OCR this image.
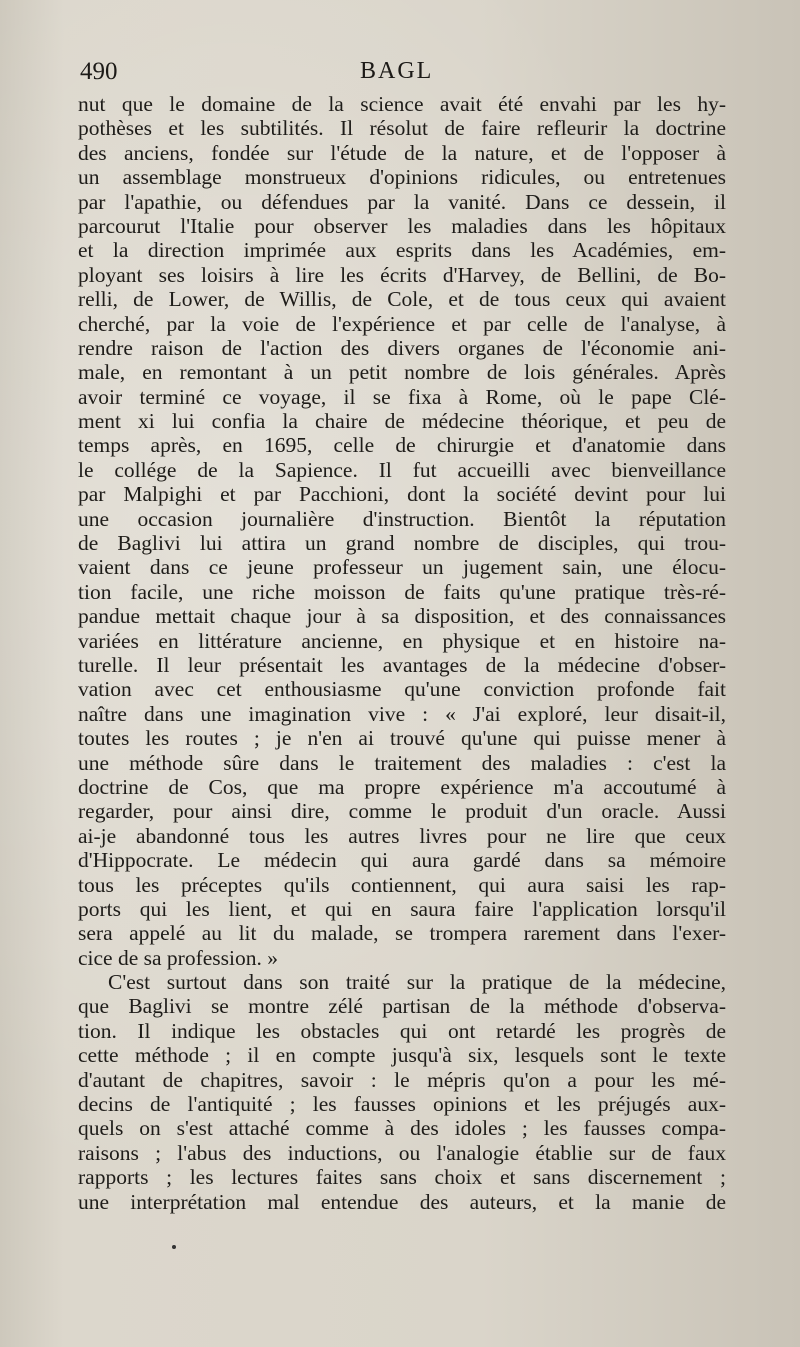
490	BAGL
nut que le domaine de la science avait été envahi par les hy-
pothèses et les subtilités. Il résolut de faire refleurir la doctrine
des anciens, fondée sur l'étude de la nature, et de l'opposer à
un assemblage monstrueux d'opinions ridicules, ou entretenues
par l'apathie, ou défendues par la vanité. Dans ce dessein, il
parcourut l'Italie pour observer les maladies dans les hôpitaux
et la direction imprimée aux esprits dans les Académies, em-
ployant ses loisirs à lire les écrits d'Harvey, de Bellini, de Bo-
relli, de Lower, de Willis, de Cole, et de tous ceux qui avaient
cherché, par la voie de l'expérience et par celle de l'analyse, à
rendre raison de l'action des divers organes de l'économie ani-
male, en remontant à un petit nombre de lois générales. Après
avoir terminé ce voyage, il se fixa à Rome, où le pape Clé-
ment xi lui confia la chaire de médecine théorique, et peu de
temps après, en 1695, celle de chirurgie et d'anatomie dans
le collége de la Sapience. Il fut accueilli avec bienveillance
par Malpighi et par Pacchioni, dont la société devint pour lui
une occasion journalière d'instruction. Bientôt la réputation
de Baglivi lui attira un grand nombre de disciples, qui trou-
vaient dans ce jeune professeur un jugement sain, une élocu-
tion facile, une riche moisson de faits qu'une pratique très-ré-
pandue mettait chaque jour à sa disposition, et des connaissances
variées en littérature ancienne, en physique et en histoire na-
turelle. Il leur présentait les avantages de la médecine d'obser-
vation avec cet enthousiasme qu'une conviction profonde fait
naître dans une imagination vive : « J'ai exploré, leur disait-il,
toutes les routes ; je n'en ai trouvé qu'une qui puisse mener à
une méthode sûre dans le traitement des maladies : c'est la
doctrine de Cos, que ma propre expérience m'a accoutumé à
regarder, pour ainsi dire, comme le produit d'un oracle. Aussi
ai-je abandonné tous les autres livres pour ne lire que ceux
d'Hippocrate. Le médecin qui aura gardé dans sa mémoire
tous les préceptes qu'ils contiennent, qui aura saisi les rap-
ports qui les lient, et qui en saura faire l'application lorsqu'il
sera appelé au lit du malade, se trompera rarement dans l'exer-
cice de sa profession. »
C'est surtout dans son traité sur la pratique de la médecine,
que Baglivi se montre zélé partisan de la méthode d'observa-
tion. Il indique les obstacles qui ont retardé les progrès de
cette méthode ; il en compte jusqu'à six, lesquels sont le texte
d'autant de chapitres, savoir : le mépris qu'on a pour les mé-
decins de l'antiquité ; les fausses opinions et les préjugés aux-
quels on s'est attaché comme à des idoles ; les fausses compa-
raisons ; l'abus des inductions, ou l'analogie établie sur de faux
rapports ; les lectures faites sans choix et sans discernement ;
une interprétation mal entendue des auteurs, et la manie de
